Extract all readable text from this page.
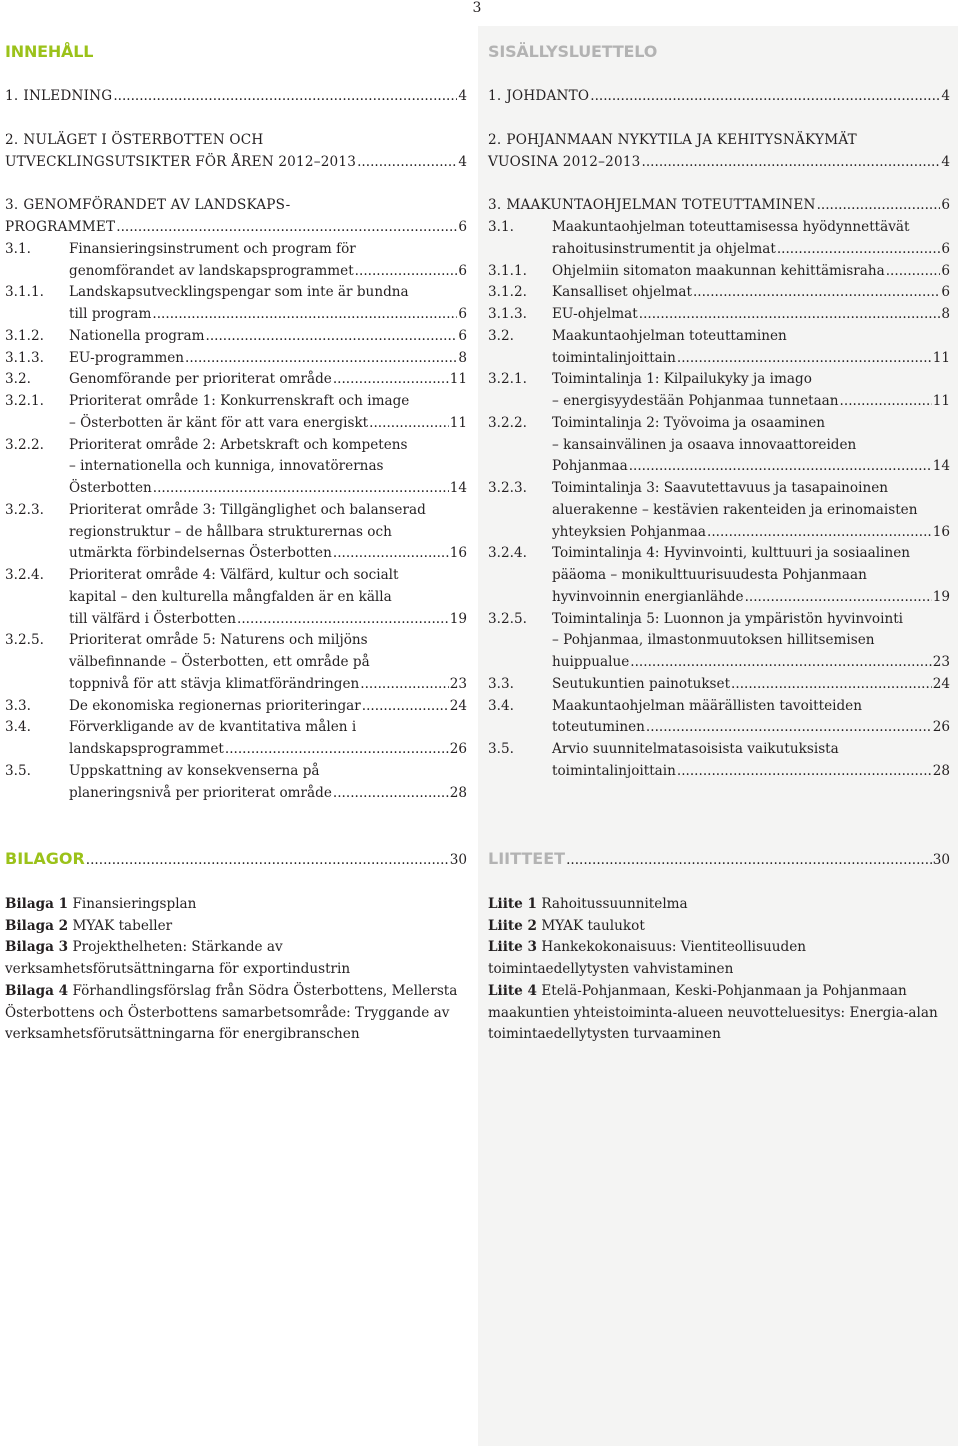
3
INNEHÅLL
1. INLEDNING .....	4
2. NULÄGET I ÖSTERBOTTEN OCH
UTVECKLINGSUTSIKTER FÖR ÅREN 2012–2013 .....	4
3. GENOMFÖRANDET AV LANDSKAPS-
PROGRAMMET .....	6
3.1.	Finansieringsinstrument och program för
genomförandet av landskapsprogrammet .....	6
3.1.1.	Landskapsutvecklingspengar som inte är bundna
till program .....	6
3.1.2.	Nationella program .....	6
3.1.3.	EU-programmen .....	8
3.2.	Genomförande per prioriterat område .....	11
3.2.1.	Prioriterat område 1: Konkurrenskraft och image
– Österbotten är känt för att vara energiskt .....	11
3.2.2.	Prioriterat område 2: Arbetskraft och kompetens
– internationella och kunniga, innovatörernas
Österbotten .....	14
3.2.3.	Prioriterat område 3: Tillgänglighet och balanserad
regionstruktur – de hållbara strukturernas och
utmärkta förbindelsernas Österbotten .....	16
3.2.4.	Prioriterat område 4: Välfärd, kultur och socialt
kapital – den kulturella mångfalden är en källa
till välfärd i Österbotten .....	19
3.2.5.	Prioriterat område 5: Naturens och miljöns
välbefinnande – Österbotten, ett område på
toppnivå för att stävja klimatförändringen .....	23
3.3.	De ekonomiska regionernas prioriteringar .....	24
3.4.	Förverkligande av de kvantitativa målen i
landskapsprogrammet .....	26
3.5.	Uppskattning av konsekvenserna på
planeringsnivå per prioriterat område .....	28
SISÄLLYSLUETTELO
1. JOHDANTO .....	4
2. POHJANMAAN NYKYTILA JA KEHITYSNÄKYMÄT
VUOSINA 2012–2013 .....	4
3. MAAKUNTAOHJELMAN TOTEUTTAMINEN .....	6
3.1.	Maakuntaohjelman toteuttamisessa hyödynnettävät
rahoitusinstrumentit ja ohjelmat .....	6
3.1.1.	Ohjelmiin sitomaton maakunnan kehittämisraha .....	6
3.1.2.	Kansalliset ohjelmat .....	6
3.1.3.	EU-ohjelmat .....	8
3.2.	Maakuntaohjelman toteuttaminen
toimintalinjoittain .....	11
3.2.1.	Toimintalinja 1: Kilpailukyky ja imago
– energisyydestään Pohjanmaa tunnetaan .....	11
3.2.2.	Toimintalinja 2: Työvoima ja osaaminen
– kansainvälinen ja osaava innovaattoreiden
Pohjanmaa .....	14
3.2.3.	Toimintalinja 3: Saavutettavuus ja tasapainoinen
aluerakenne – kestävien rakenteiden ja erinomaisten
yhteyksien Pohjanmaa .....	16
3.2.4.	Toimintalinja 4: Hyvinvointi, kulttuuri ja sosiaalinen
pääoma – monikulttuurisuudesta Pohjanmaan
hyvinvoinnin energianlähde .....	19
3.2.5.	Toimintalinja 5: Luonnon ja ympäristön hyvinvointi
– Pohjanmaa, ilmastonmuutoksen hillitsemisen
huippualue .....	23
3.3.	Seutukuntien painotukset .....	24
3.4.	Maakuntaohjelman määrällisten tavoitteiden
toteutuminen .....	26
3.5.	Arvio suunnitelmatasoisista vaikutuksista
toimintalinjoittain .....	28
BILAGOR .....	30
Bilaga 1 Finansieringsplan
Bilaga 2 MYAK tabeller
Bilaga 3 Projekthelheten: Stärkande av verksamhetsförutsättningarna för exportindustrin
Bilaga 4 Förhandlingsförslag från Södra Österbottens, Mellersta Österbottens och Österbottens samarbetsområde: Tryggande av verksamhetsförutsättningarna för energibranschen
LIITTEET .....	30
Liite 1 Rahoitussuunnitelma
Liite 2 MYAK taulukot
Liite 3 Hankekokonaisuus: Vientiteollisuuden toimintaedellytysten vahvistaminen
Liite 4 Etelä-Pohjanmaan, Keski-Pohjanmaan ja Pohjanmaan maakuntien yhteistoiminta-alueen neuvotteluesitys: Energia-alan toimintaedellytysten turvaaminen
